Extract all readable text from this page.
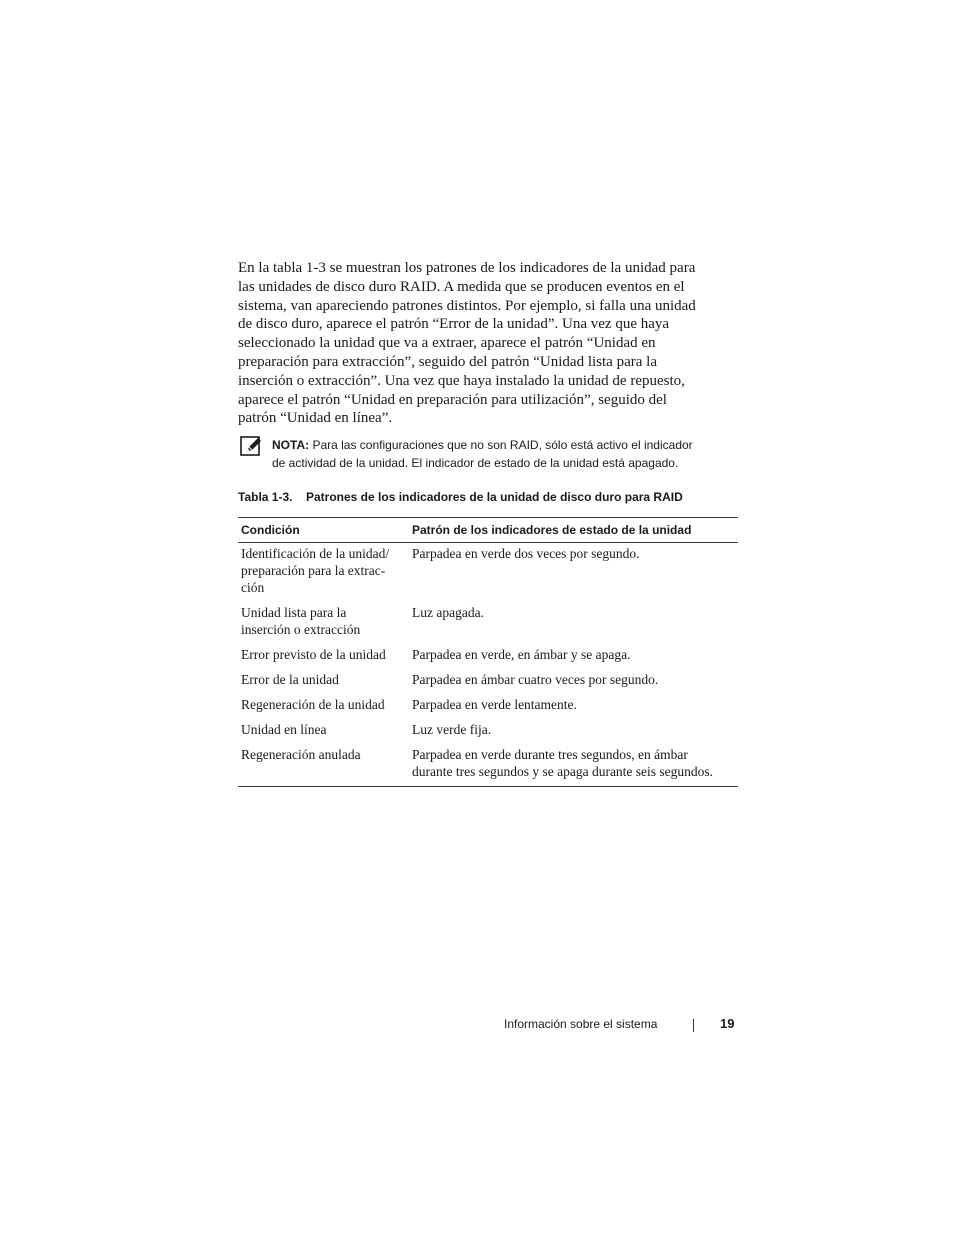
En la tabla 1-3 se muestran los patrones de los indicadores de la unidad para
las unidades de disco duro RAID. A medida que se producen eventos en el
sistema, van apareciendo patrones distintos. Por ejemplo, si falla una unidad
de disco duro, aparece el patrón “Error de la unidad”. Una vez que haya
seleccionado la unidad que va a extraer, aparece el patrón “Unidad en
preparación para extracción”, seguido del patrón “Unidad lista para la
inserción o extracción”. Una vez que haya instalado la unidad de repuesto,
aparece el patrón “Unidad en preparación para utilización”, seguido del
patrón “Unidad en línea”.

NOTA: Para las configuraciones que no son RAID, sólo está activo el indicador
de actividad de la unidad. El indicador de estado de la unidad está apagado.
Tabla 1-3. Patrones de los indicadores de la unidad de disco duro para RAID
Condición	Patrón de los indicadores de estado de la unidad
Identificación de la unidad/
preparación para la extrac-
ción	Parpadea en verde dos veces por segundo.
Unidad lista para la
inserción o extracción	Luz apagada.
Error previsto de la unidad	Parpadea en verde, en ámbar y se apaga.
Error de la unidad	Parpadea en ámbar cuatro veces por segundo.
Regeneración de la unidad	Parpadea en verde lentamente.
Unidad en línea	Luz verde fija.
Regeneración anulada	Parpadea en verde durante tres segundos, en ámbar
durante tres segundos y se apaga durante seis segundos.
Información sobre el sistema	19
